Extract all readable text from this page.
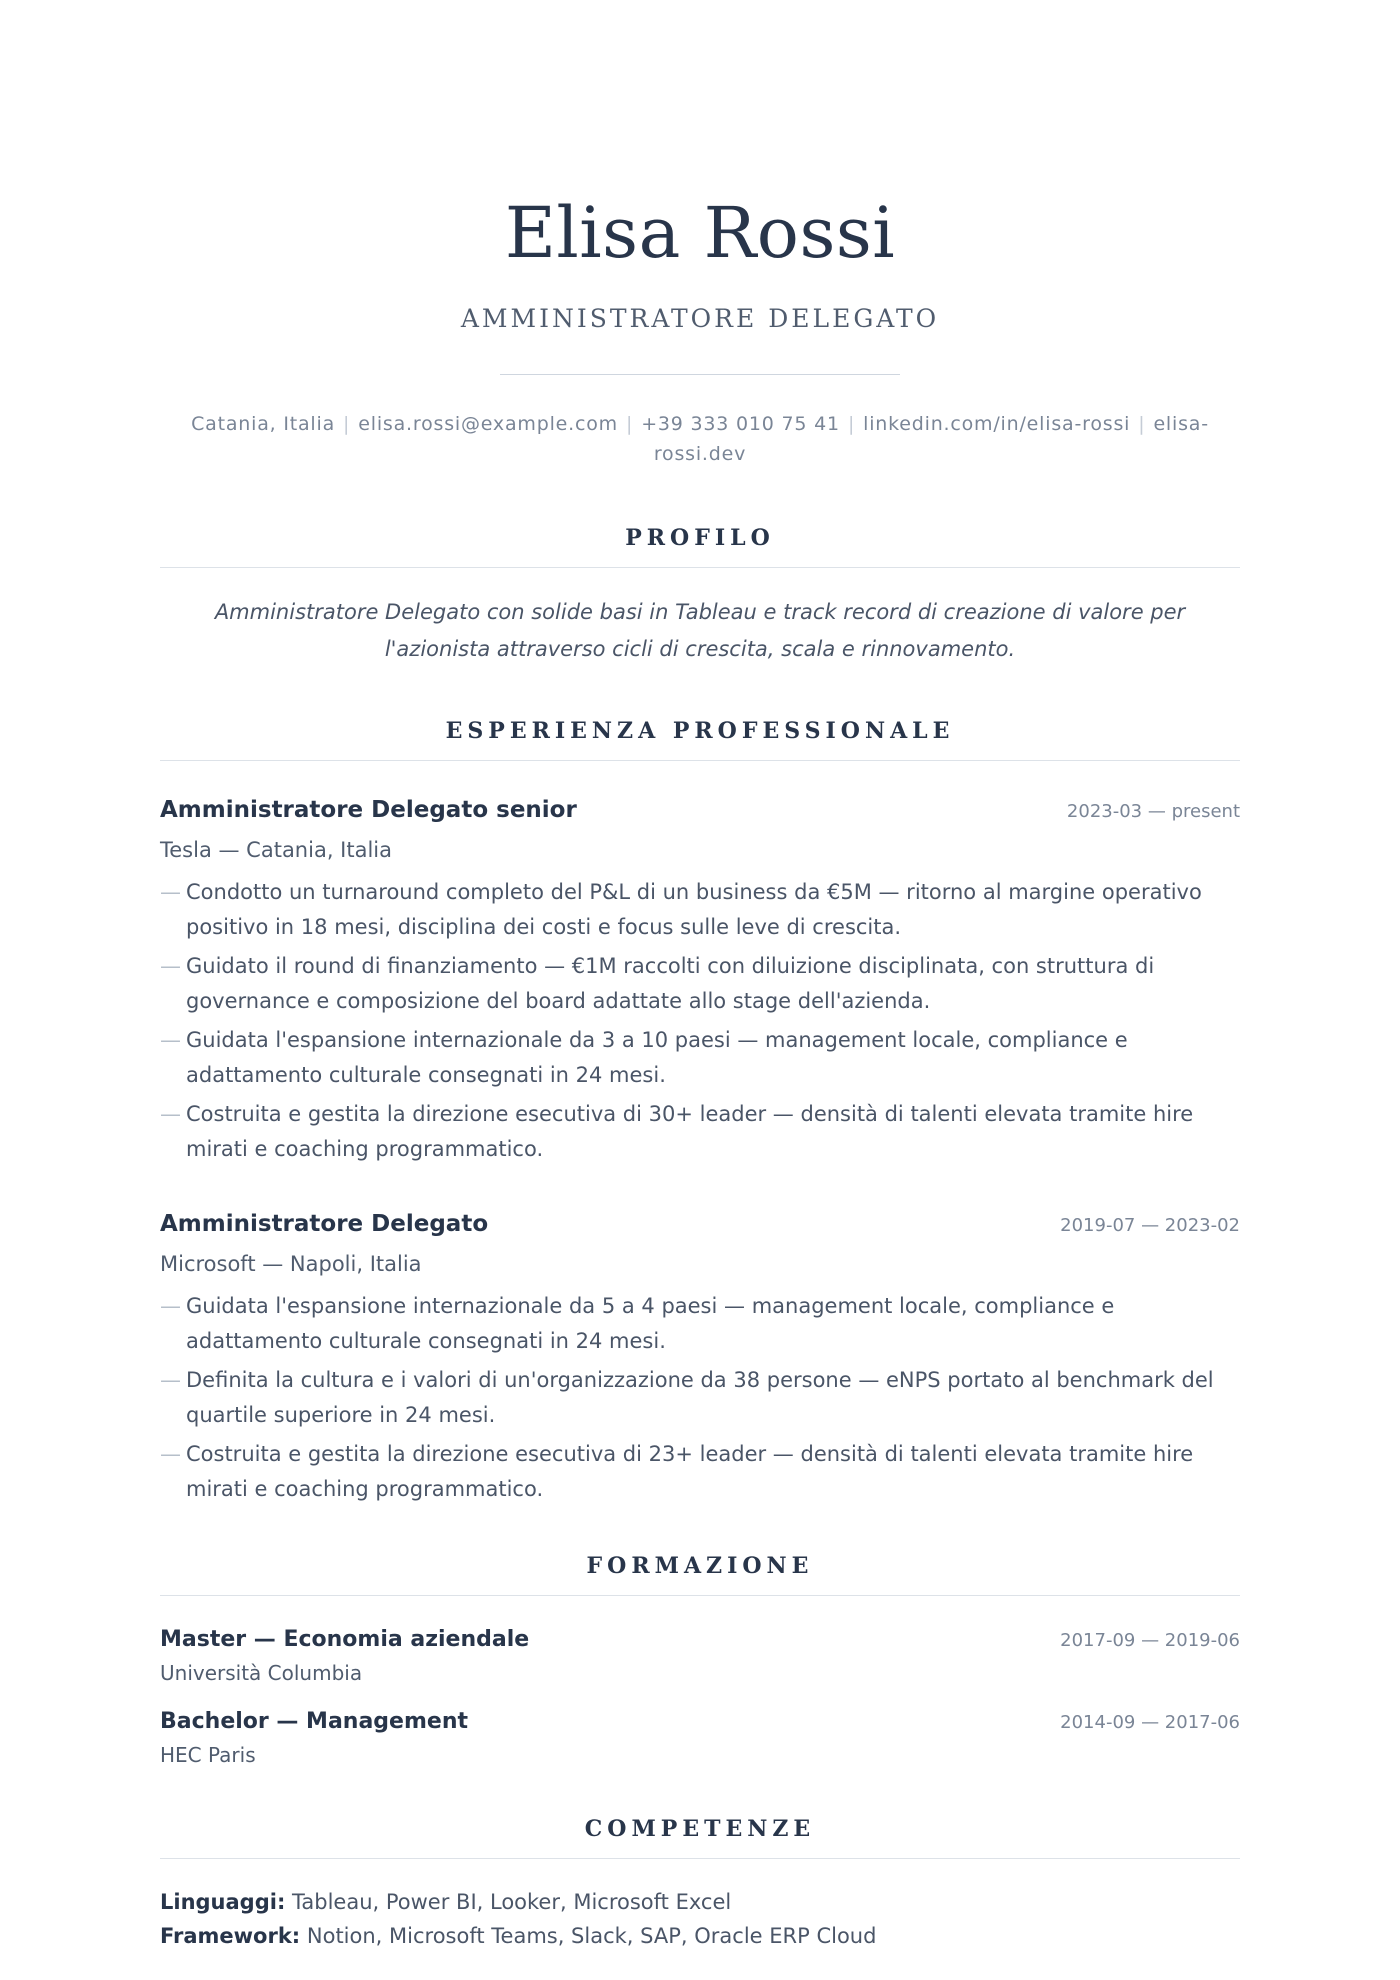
Elisa Rossi
AMMINISTRATORE DELEGATO
Catania, Italia | elisa.rossi@example.com | +39 333 010 75 41 | linkedin.com/in/elisa-rossi | elisa-rossi.dev
PROFILO

Amministratore Delegato con solide basi in Tableau e track record di creazione di valore per l'azionista attraverso cicli di crescita, scala e rinnovamento.

ESPERIENZA PROFESSIONALE
Amministratore Delegato senior	2023-03 — present
Tesla — Catania, Italia
— Condotto un turnaround completo del P&L di un business da €5M — ritorno al margine operativo positivo in 18 mesi, disciplina dei costi e focus sulle leve di crescita.
— Guidato il round di finanziamento — €1M raccolti con diluizione disciplinata, con struttura di governance e composizione del board adattate allo stage dell'azienda.
— Guidata l'espansione internazionale da 3 a 10 paesi — management locale, compliance e adattamento culturale consegnati in 24 mesi.
— Costruita e gestita la direzione esecutiva di 30+ leader — densità di talenti elevata tramite hire mirati e coaching programmatico.
Amministratore Delegato	2019-07 — 2023-02
Microsoft — Napoli, Italia
— Guidata l'espansione internazionale da 5 a 4 paesi — management locale, compliance e adattamento culturale consegnati in 24 mesi.
— Definita la cultura e i valori di un'organizzazione da 38 persone — eNPS portato al benchmark del quartile superiore in 24 mesi.
— Costruita e gestita la direzione esecutiva di 23+ leader — densità di talenti elevata tramite hire mirati e coaching programmatico.
FORMAZIONE
Master — Economia aziendale	2017-09 — 2019-06
Università Columbia
Bachelor — Management	2014-09 — 2017-06
HEC Paris
COMPETENZE
Linguaggi: Tableau, Power BI, Looker, Microsoft Excel
Framework: Notion, Microsoft Teams, Slack, SAP, Oracle ERP Cloud
